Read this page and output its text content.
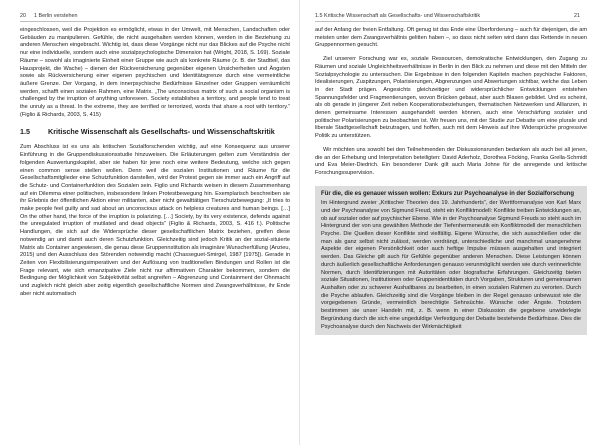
20 1 Berlin verstehen

eingeschlossen, weil die Projektion es ermöglicht, etwas in der Umwelt, mit Menschen, Landschaften oder Gebäuden zu manipulieren. Gefühle, die nicht ausgehalten werden können, werden in die Beziehung zu anderen Menschen eingebracht. Wichtig ist, dass diese Vorgänge nicht nur das Blickes auf die Psyche nicht nur eine individuelle, sondern auch eine sozialpsychologische Dimension hat (Wright, 2018, S. 169). Soziale Räume – sowohl als imaginierte Einheit einer Gruppe wie auch als konkrete Räume (z. B. der Stadtteil, das Hausprojekt, die Wache) – dienen der Rückversicherung gegenüber eigenen Unsicherheiten und Ängsten sowie als Rückversicherung einer eigenen psychischen und Identitätsgrenze durch eine vermeintliche äußere Grenze. Der Vorgang, in dem innerpsychische Bedürfnisse Einzelner oder Gruppen verräumlicht werden, schafft einen sozialen Rahmen, eine Matrix. „The unconscious matrix of such a social organism is challenged by the irruption of anything unforeseen. Society establishes a territory, and people tend to treat the unruly as a threat. In the extreme, they are terrified or terrorized, words that share a root with territory.“ (Figlio & Richards, 2003, S. 415)

1.5	Kritische Wissenschaft als Gesellschafts- und Wissenschaftskritik

Zum Abschluss ist es uns als kritischen Sozialforschenden wichtig, auf eine Konsequenz aus unserer Einführung in die Gruppendiskussionsstudie hinzuweisen. Die Erläuterungen gelten zum Verständnis der folgenden Auswertungskapitel, aber sie haben für jene noch eine weitere Bedeutung, welche sich gegen einen common sense stellen wollen. Denn weil die sozialen Institutionen und Räume für die Gesellschaftsmitglieder eine Schutzfunktion darstellen, wird der Protest gegen sie immer auch ein Angriff auf die Schutz- und Containerfunktion des Sozialen sein. Figlio und Richards weisen in diesem Zusammenhang auf ein Dilemma einer politischen, insbesondere linken Protestbewegung hin. Exemplarisch beschreiben sie ihr Erlebnis der öffentlichen Aktion einer militanten, aber nicht gewalttätigen Tierschutzbewegung: „It tries to make people feel guilty and sad about an unconscious attack on helpless creatures and human beings. […] On the other hand, the force of the irruption is polarizing. […] Society, by its very existence, defends against the unregulated irruption of mutilated and dead objects“ (Figlio & Richards, 2003, S. 416 f.). Politische Handlungen, die sich auf die Widersprüche dieser gesellschaftlichen Matrix beziehen, greifen diese notwendig an und damit auch deren Schutzfunktion. Gleichzeitig sind jedoch Kritik an der sozial-situierte Matrix als Container angewiesen, die genau diese Gruppennstitution als imaginäre Wunscherfüllung (Anzieu, 2015) und den Ausschluss des Störenden notwendig macht (Chasseguet-Smirgel, 1987 [1975]). Gerade in Zeiten von Flexibilisierungsimperativen und der Auflösung von traditionellen Bindungen und Rollen ist die Frage relevant, wie sich emanzipative Ziele nicht nur affirmativen Charakter bekommen, sondern die Bedingung der Möglichkeit von Subjektivität selbst angreifen – Abgrenzung und Containment der Ohnmacht und zugleich nicht gleich aber zeitig eigentlich gesellschaftliche Normen sind Zwangsverhältnisse, ihr Ende aber nicht automatisch

1.5 Kritische Wissenschaft als Gesellschafts- und Wissenschaftskritik	21

auf der Anfang der freien Entfaltung. Oft genug ist das Ende eine Überforderung – auch für diejenigen, die am meisten unter dem Zwangsverhältnis gelitten haben –, so dass nicht selten wird dann das Rettende in neuen Gruppennormen gesucht.

Ziel unsererr Forschung war es, soziale Ressourcen, demokratische Entwicklungen, den Zugang zu Räumen und soziale Ungleichheitsverhältnisse in Berlin in den Blick zu nehmen und diese mit den Mitteln der Sozialpsychologie zu untersuchen. Die Ergebnisse in den folgenden Kapiteln machen psychische Faktoren, Idealisierungen, Zuspitzungen, Polarisierungen, Abgrenzungen und Abwertungen sichtbar, welche das Leben in der Stadt prägen. Angesichts gleichzeitiger und widersprüchlicher Entwicklungen entstehen Spannungsfelder und Fragmentierungen, wovon Brücken gebaut, aber auch Blasen gebildet. Und es scheint, als ob gerade in jüngerer Zeit neben Kooperationsbeziehungen, thematischen Netzwerken und Allianzen, in denen gemeinsame Interessen ausgehandelt werden können, auch eine Verschärfung sozialer und politischer Polarisierungen zu beobachten ist. Wir freuen uns, mit der Studie zur Debatte um eine plurale und liberale Stadtgesellschaft beizutragen, und hoffen, auch mit dem Hinweis auf ihre Widersprüche progressive Politik zu unterstützen.

Wir möchten uns sowohl bei den Teilnehmenden der Diskussionsrunden bedanken als auch bei all jenen, die an der Erhebung und Interpretation beteiligten: David Aderholz, Dorothea Föcking, Franka Grella-Schmidt und Eva Meier-Diedrich. Ein besonderer Dank gilt auch Maria Johne für die anregende und kritische Forschungssupervision.

Für die, die es genauer wissen wollen: Exkurs zur Psychoanalyse in der Sozialforschung

Im Hintergrund zweier „Kritischer Theorien des 19. Jahrhunderts“, der Werttformanalyse von Karl Marx und der Psychoanalyse von Sigmund Freud, steht ein Konfliktmodell: Konflikte treiben Entwicklungen an, ob auf sozialer oder auf psychischer Ebene. Wie in der Psychoanalyse Sigmund Freuds so steht auch im Hintergrund der von uns gewählten Methode der Tiefenhermeneutik ein Konfliktmodell der menschlichen Psyche. Die Quellen dieser Konflikte sind vielfältig. Eigene Wünsche, die sich ausschließen oder die man als ganz selbst nicht zulässt, werden verdrängt, unterschiedliche und manchmal unangenehme Aspekte der eigenen Persönlichkeit oder auch heftige Impulse müssen ausgehalten und integriert werden. Das Gleiche gilt auch für Gefühle gegenüber anderen Menschen. Diese Leistungen können durch äußerlich gesellschaftliche Anforderungen genauso verunmöglicht werden wie durch verinnerlichte Normen, durch Identifizierungen mit Autoritäten oder biografische Erfahrungen. Gleichzeitig bieten soziale Situationen, Institutionen oder Gruppenidentitäten durch Vorgaben, Strukturen und gemeinsamen Aushalten oder zu schwerer Aushaltbares zu bearbeiten, in einen sozialen Rahmen zu verorten. Durch die Psyche ablaufen. Gleichzeitig sind die Vorgänge bleiben in der Regel genauso unbewusst wie die vorgegebenen Gründe, vermeintlich berechtigte Sehnsüchte. Wünsche oder Ängste. Trotzdem bestimmen sie unser Handeln mit, z. B. wenn in einer Diskussion die gegebene unwiderlegte Begründung durch die sich eine ungeduldige Verfestigung der Debatte bestehende Bedürfnisse. Dies die Psychoanalyse durch den Nachweis der Wirkmächtigkeit
